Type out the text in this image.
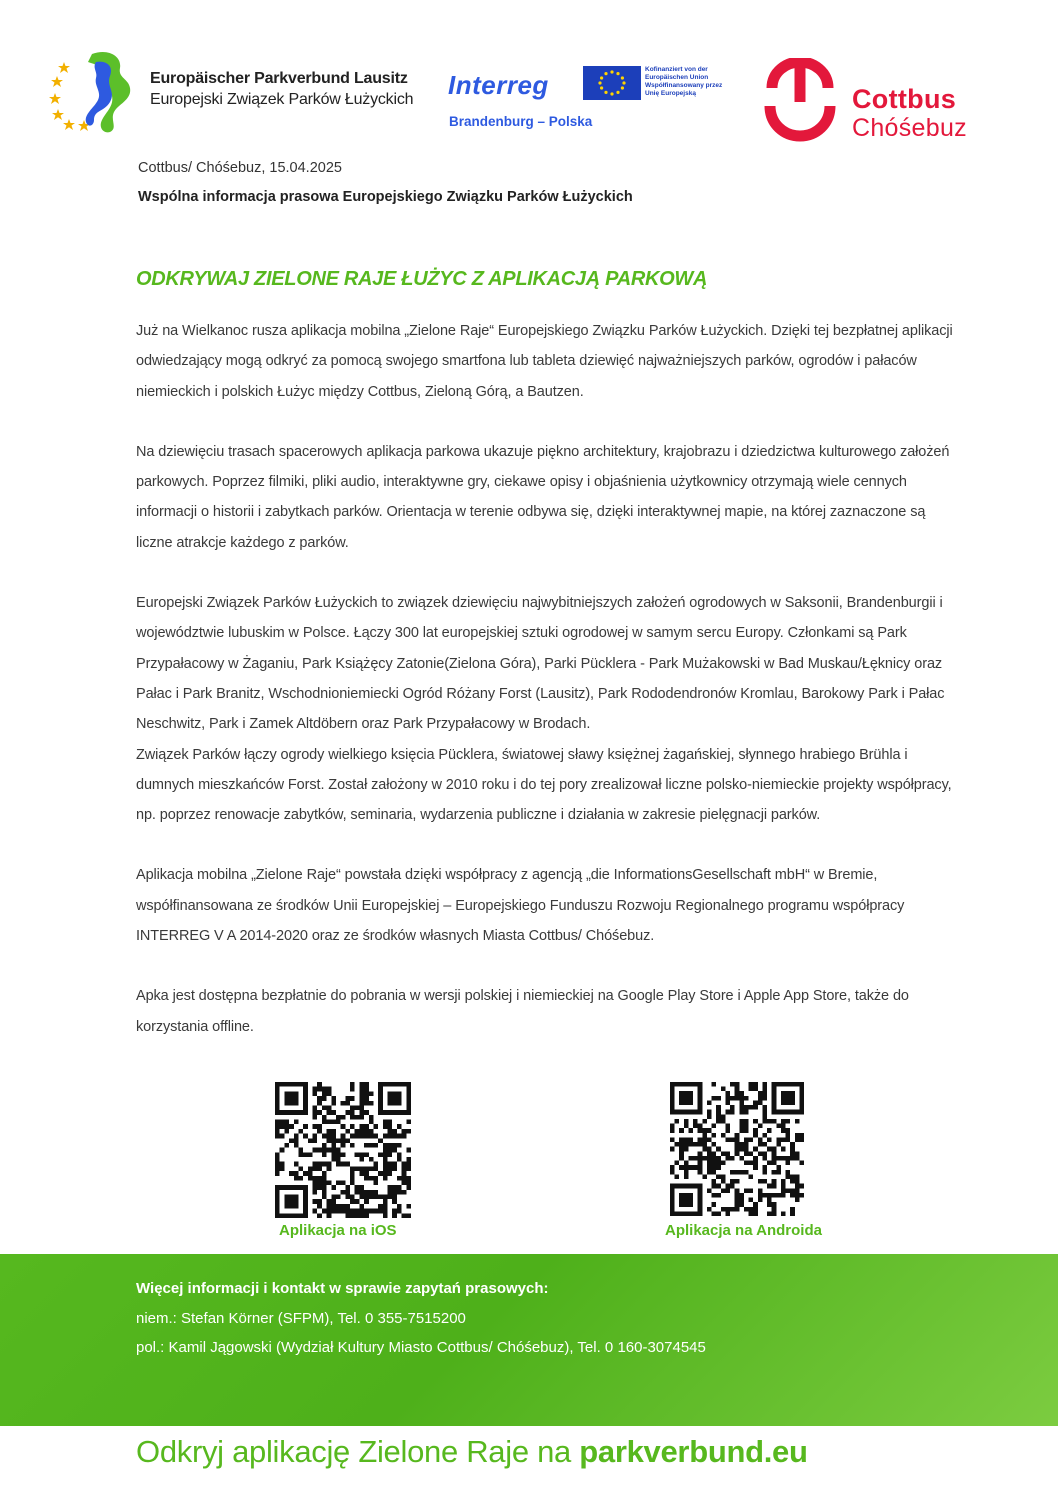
Europäischer Parkverbund Lausitz
Europejski Związek Parków Łużyckich Interreg
Kofinanziert von der Europäischen Union Współfinansowany przez Unię Europejską
Brandenburg – Polska
Cottbus
Chóśebuz
Cottbus/ Chóśebuz, 15.04.2025
Wspólna informacja prasowa Europejskiego Związku Parków Łużyckich
ODKRYWAJ ZIELONE RAJE ŁUŻYC Z APLIKACJĄ PARKOWĄ

Już na Wielkanoc rusza aplikacja mobilna „Zielone Raje“ Europejskiego Związku Parków Łużyckich. Dzięki tej bezpłatnej aplikacji odwiedzający mogą odkryć za pomocą swojego smartfona lub tableta dziewięć najważniejszych parków, ogrodów i pałaców niemieckich i polskich Łużyc między Cottbus, Zieloną Górą, a Bautzen.

Na dziewięciu trasach spacerowych aplikacja parkowa ukazuje piękno architektury, krajobrazu i dziedzictwa kulturowego założeń parkowych. Poprzez filmiki, pliki audio, interaktywne gry, ciekawe opisy i objaśnienia użytkownicy otrzymają wiele cennych informacji o historii i zabytkach parków. Orientacja w terenie odbywa się, dzięki interaktywnej mapie, na której zaznaczone są liczne atrakcje każdego z parków.

Europejski Związek Parków Łużyckich to związek dziewięciu najwybitniejszych założeń ogrodowych w Saksonii, Brandenburgii i województwie lubuskim w Polsce. Łączy 300 lat europejskiej sztuki ogrodowej w samym sercu Europy. Członkami są Park Przypałacowy w Żaganiu, Park Książęcy Zatonie(Zielona Góra), Parki Pücklera - Park Mużakowski w Bad Muskau/Łęknicy oraz Pałac i Park Branitz, Wschodnioniemiecki Ogród Różany Forst (Lausitz), Park Rododendronów Kromlau, Barokowy Park i Pałac Neschwitz, Park i Zamek Altdöbern oraz Park Przypałacowy w Brodach.

Związek Parków łączy ogrody wielkiego księcia Pücklera, światowej sławy księżnej żagańskiej, słynnego hrabiego Brühla i dumnych mieszkańców Forst. Został założony w 2010 roku i do tej pory zrealizował liczne polsko-niemieckie projekty współpracy, np. poprzez renowacje zabytków, seminaria, wydarzenia publiczne i działania w zakresie pielęgnacji parków.

Aplikacja mobilna „Zielone Raje“ powstała dzięki współpracy z agencją „die InformationsGesellschaft mbH“ w Bremie, współfinansowana ze środków Unii Europejskiej – Europejskiego Funduszu Rozwoju Regionalnego programu współpracy INTERREG V A 2014-2020 oraz ze środków własnych Miasta Cottbus/ Chóśebuz.

Apka jest dostępna bezpłatnie do pobrania w wersji polskiej i niemieckiej na Google Play Store i Apple App Store, także do korzystania offline.

Aplikacja na iOS	Aplikacja na Androida
Więcej informacji i kontakt w sprawie zapytań prasowych:
niem.: Stefan Körner (SFPM), Tel. 0 355-7515200
pol.: Kamil Jągowski (Wydział Kultury Miasto Cottbus/ Chóśebuz), Tel. 0 160-3074545
Odkryj aplikację Zielone Raje na parkverbund.eu
